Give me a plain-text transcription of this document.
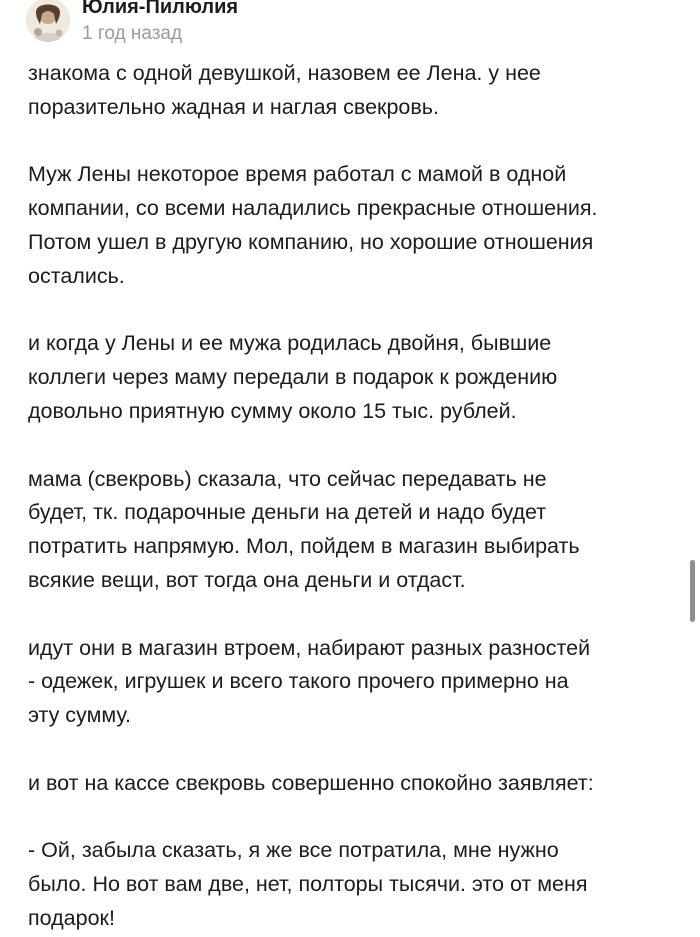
Юлия-Пилюлия
1 год назад

знакома с одной девушкой, назовем ее Лена. у нее
поразительно жадная и наглая свекровь.

Муж Лены некоторое время работал с мамой в одной
компании, со всеми наладились прекрасные отношения.
Потом ушел в другую компанию, но хорошие отношения
остались.

и когда у Лены и ее мужа родилась двойня, бывшие
коллеги через маму передали в подарок к рождению
довольно приятную сумму около 15 тыс. рублей.

мама (свекровь) сказала, что сейчас передавать не
будет, тк. подарочные деньги на детей и надо будет
потратить напрямую. Мол, пойдем в магазин выбирать
всякие вещи, вот тогда она деньги и отдаст.

идут они в магазин втроем, набирают разных разностей
- одежек, игрушек и всего такого прочего примерно на
эту сумму.

и вот на кассе свекровь совершенно спокойно заявляет:

- Ой, забыла сказать, я же все потратила, мне нужно
было. Но вот вам две, нет, полторы тысячи. это от меня
подарок!
